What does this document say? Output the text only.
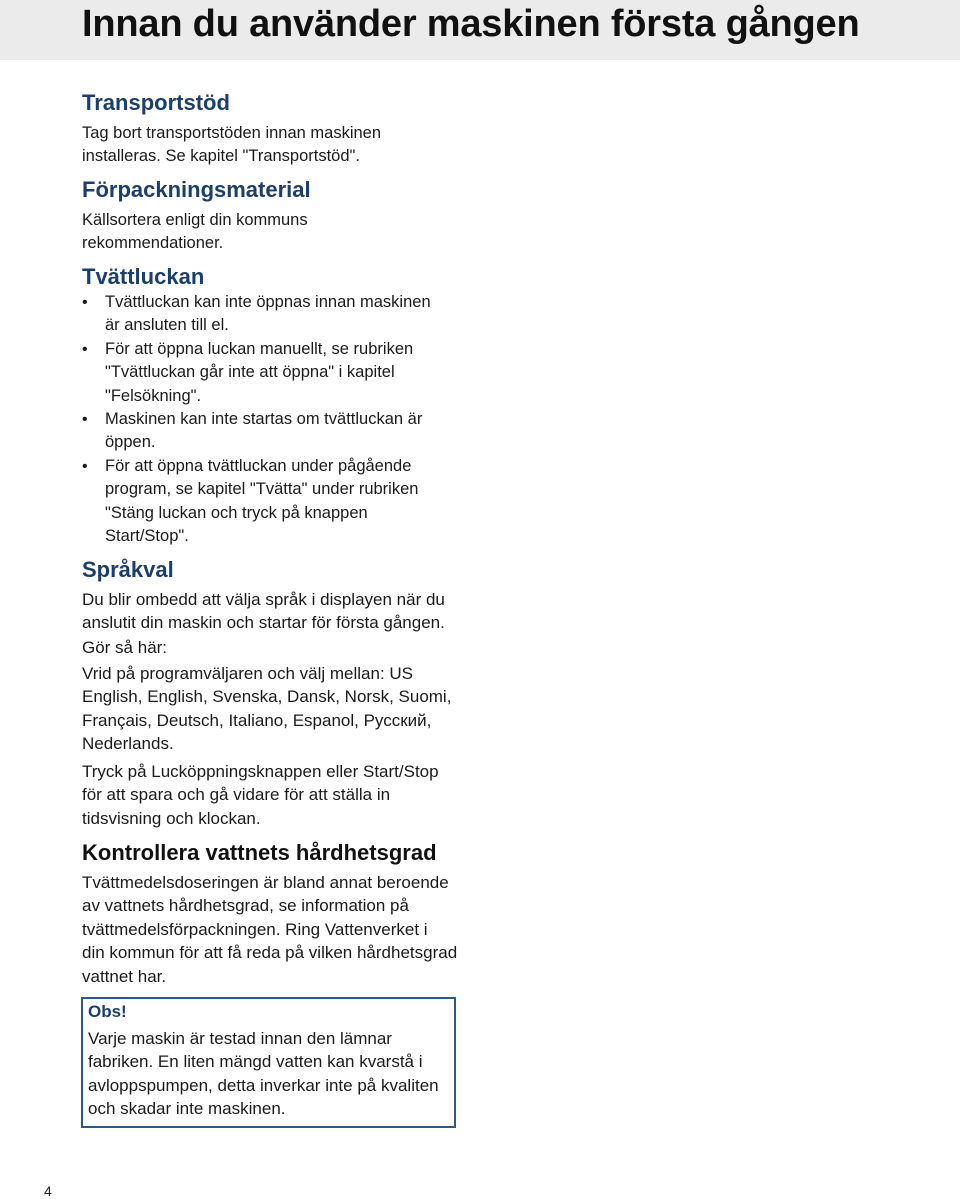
Innan du använder maskinen första gången
Transportstöd

Tag bort transportstöden innan maskinen
installeras. Se kapitel "Transportstöd".

Förpackningsmaterial

Källsortera enligt din kommuns
rekommendationer.

Tvättluckan
• Tvättluckan kan inte öppnas innan maskinen
är ansluten till el.

• För att öppna luckan manuellt, se rubriken
"Tvättluckan går inte att öppna" i kapitel
"Felsökning".

• Maskinen kan inte startas om tvättluckan är
öppen.

• För att öppna tvättluckan under pågående
program, se kapitel "Tvätta" under rubriken
"Stäng luckan och tryck på knappen
Start/Stop".

Språkval

Du blir ombedd att välja språk i displayen när du
anslutit din maskin och startar för första gången.

Gör så här:

Vrid på programväljaren och välj mellan: US
English, English, Svenska, Dansk, Norsk, Suomi,
Français, Deutsch, Italiano, Espanol, Русский,
Nederlands.

Tryck på Lucköppningsknappen eller Start/Stop
för att spara och gå vidare för att ställa in
tidsvisning och klockan.

Kontrollera vattnets hårdhetsgrad

Tvättmedelsdoseringen är bland annat beroende
av vattnets hårdhetsgrad, se information på
tvättmedelsförpackningen. Ring Vattenverket i
din kommun för att få reda på vilken hårdhetsgrad
vattnet har.

Obs!

Varje maskin är testad innan den lämnar
fabriken. En liten mängd vatten kan kvarstå i
avloppspumpen, detta inverkar inte på kvaliten
och skadar inte maskinen.

4
